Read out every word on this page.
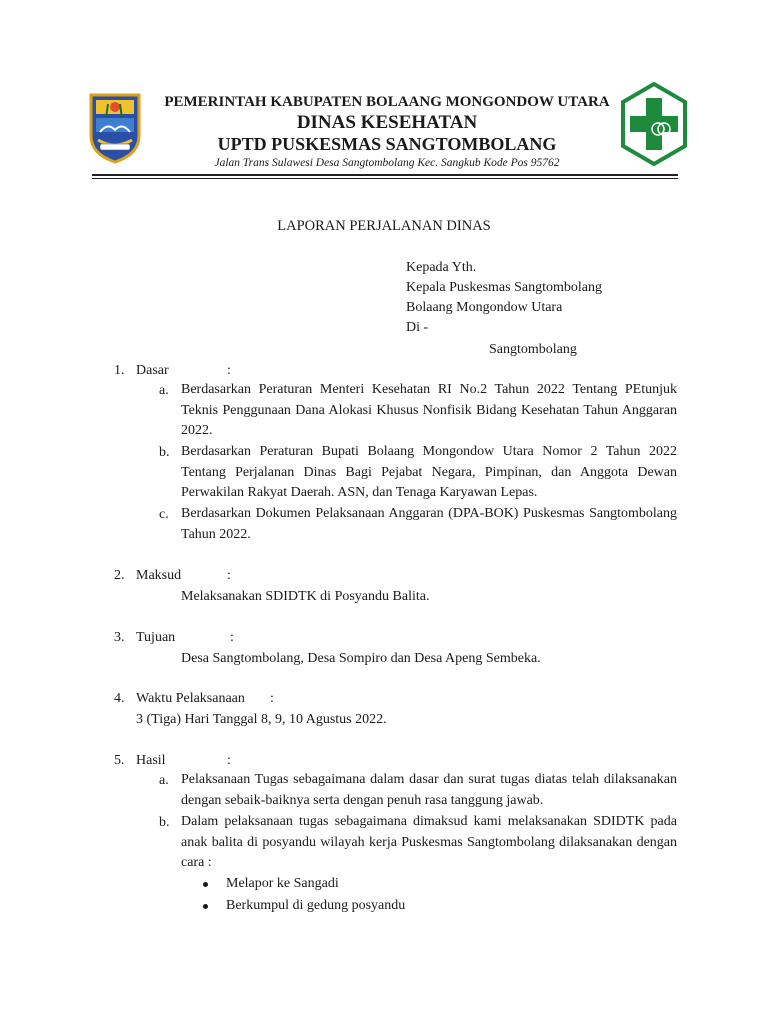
PEMERINTAH KABUPATEN BOLAANG MONGONDOW UTARA
DINAS KESEHATAN
UPTD PUSKESMAS SANGTOMBOLANG
Jalan Trans Sulawesi Desa Sangtombolang Kec. Sangkub Kode Pos 95762
LAPORAN PERJALANAN DINAS
Kepada Yth.
Kepala Puskesmas Sangtombolang
Bolaang Mongondow Utara
Di -
Sangtombolang
1. Dasar	:
a. Berdasarkan Peraturan Menteri Kesehatan RI No.2 Tahun 2022 Tentang PEtunjuk Teknis Penggunaan Dana Alokasi Khusus Nonfisik Bidang Kesehatan Tahun Anggaran 2022.
b. Berdasarkan Peraturan Bupati Bolaang Mongondow Utara Nomor 2 Tahun 2022 Tentang Perjalanan Dinas Bagi Pejabat Negara, Pimpinan, dan Anggota Dewan Perwakilan Rakyat Daerah. ASN, dan Tenaga Karyawan Lepas.
c. Berdasarkan Dokumen Pelaksanaan Anggaran (DPA-BOK) Puskesmas Sangtombolang Tahun 2022.
2. Maksud	:
Melaksanakan SDIDTK di Posyandu Balita.
3. Tujuan	:
Desa Sangtombolang, Desa Sompiro dan Desa Apeng Sembeka.
4. Waktu Pelaksanaan :
3 (Tiga) Hari Tanggal 8, 9, 10 Agustus 2022.
5. Hasil	:
a. Pelaksanaan Tugas sebagaimana dalam dasar dan surat tugas diatas telah dilaksanakan dengan sebaik-baiknya serta dengan penuh rasa tanggung jawab.
b. Dalam pelaksanaan tugas sebagaimana dimaksud kami melaksanakan SDIDTK pada anak balita di posyandu wilayah kerja Puskesmas Sangtombolang dilaksanakan dengan cara :
Melapor ke Sangadi
Berkumpul di gedung posyandu
